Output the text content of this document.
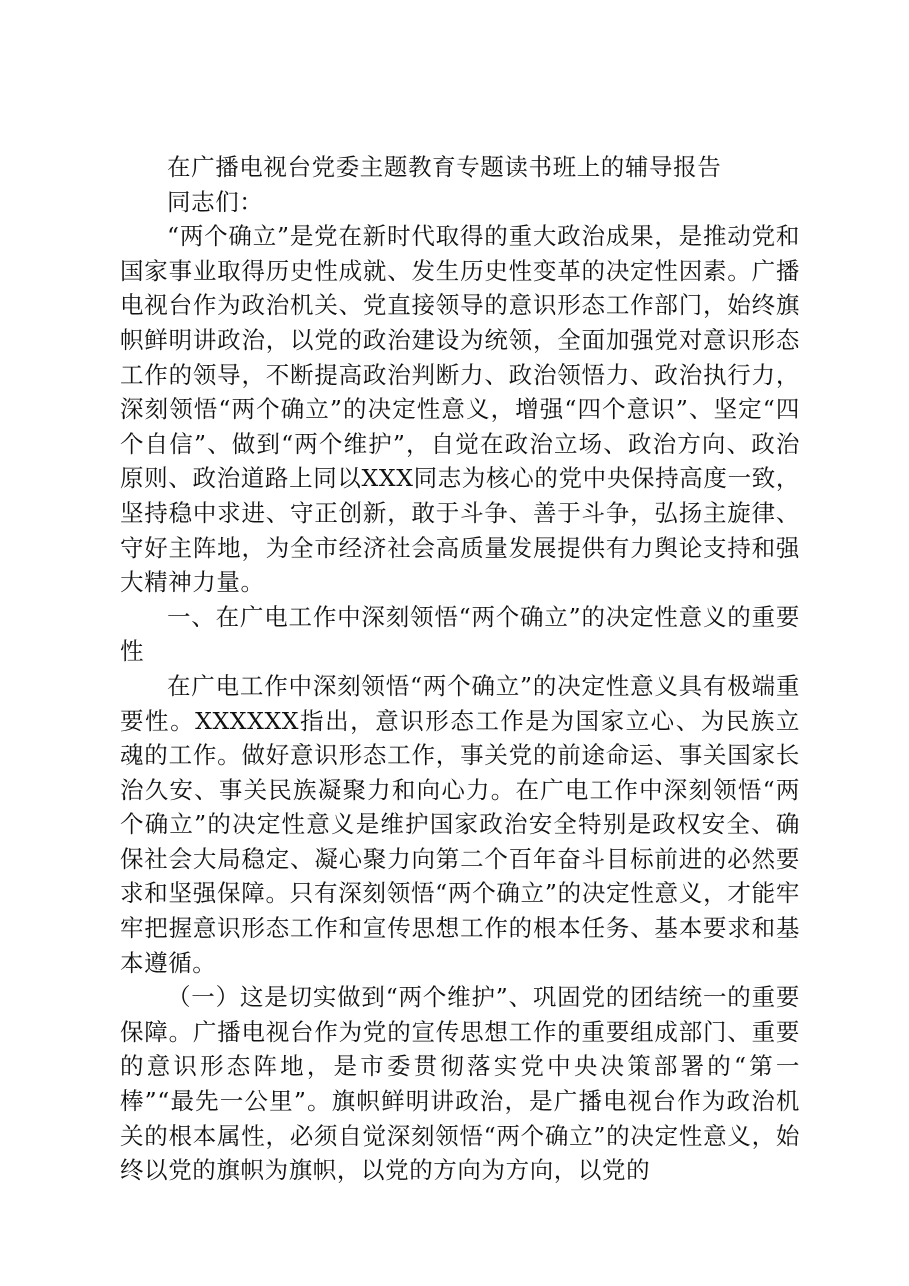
在广播电视台党委主题教育专题读书班上的辅导报告

同志们：

“两个确立”是党在新时代取得的重大政治成果，是推动党和国家事业取得历史性成就、发生历史性变革的决定性因素。广播电视台作为政治机关、党直接领导的意识形态工作部门，始终旗帜鲜明讲政治，以党的政治建设为统领，全面加强党对意识形态工作的领导，不断提高政治判断力、政治领悟力、政治执行力，深刻领悟“两个确立”的决定性意义，增强“四个意识”、坚定“四个自信”、做到“两个维护”，自觉在政治立场、政治方向、政治原则、政治道路上同以XXX同志为核心的党中央保持高度一致，坚持稳中求进、守正创新，敢于斗争、善于斗争，弘扬主旋律、守好主阵地，为全市经济社会高质量发展提供有力舆论支持和强大精神力量。

一、在广电工作中深刻领悟“两个确立”的决定性意义的重要性

在广电工作中深刻领悟“两个确立”的决定性意义具有极端重要性。XXXXXX指出，意识形态工作是为国家立心、为民族立魂的工作。做好意识形态工作，事关党的前途命运、事关国家长治久安、事关民族凝聚力和向心力。在广电工作中深刻领悟“两个确立”的决定性意义是维护国家政治安全特别是政权安全、确保社会大局稳定、凝心聚力向第二个百年奋斗目标前进的必然要求和坚强保障。只有深刻领悟“两个确立”的决定性意义，才能牢牢把握意识形态工作和宣传思想工作的根本任务、基本要求和基本遵循。

（一）这是切实做到“两个维护”、巩固党的团结统一的重要保障。广播电视台作为党的宣传思想工作的重要组成部门、重要的意识形态阵地，是市委贯彻落实党中央决策部署的“第一棒”“最先一公里”。旗帜鲜明讲政治，是广播电视台作为政治机关的根本属性，必须自觉深刻领悟“两个确立”的决定性意义，始终以党的旗帜为旗帜，以党的方向为方向，以党的
